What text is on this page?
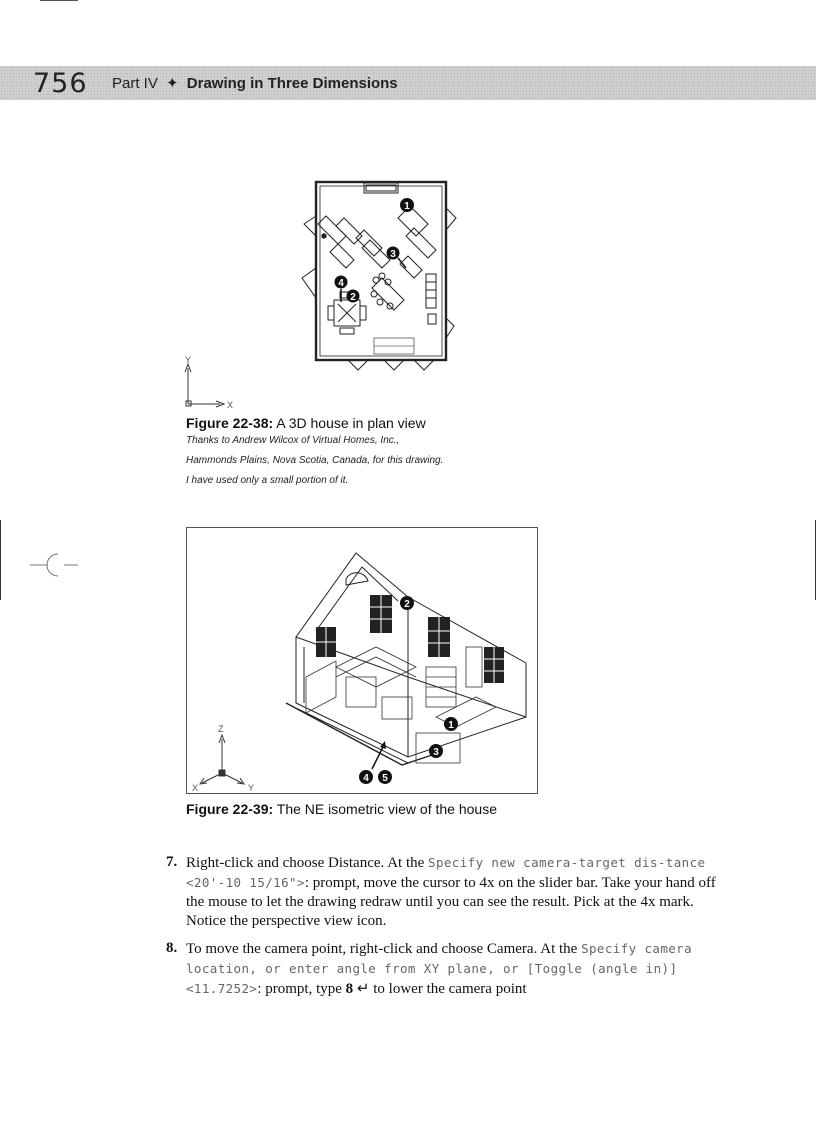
756 Part IV ✦ Drawing in Three Dimensions
1
3
4
2
Y
X
Figure 22-38: A 3D house in plan view
Thanks to Andrew Wilcox of Virtual Homes, Inc.,
Hammonds Plains, Nova Scotia, Canada, for this drawing.
I have used only a small portion of it.
2
1
3
4 5
Z
X	Y
Figure 22-39: The NE isometric view of the house
7. Right-click and choose Distance. At the Specify new camera-target dis-tance <20'-10 15/16">: prompt, move the cursor to 4x on the slider bar. Take your hand off the mouse to let the drawing redraw until you can see the result. Pick at the 4x mark. Notice the perspective view icon.
8. To move the camera point, right-click and choose Camera. At the Specify camera location, or enter angle from XY plane, or [Toggle (angle in)] <11.7252>: prompt, type 8 ↵ to lower the camera point
